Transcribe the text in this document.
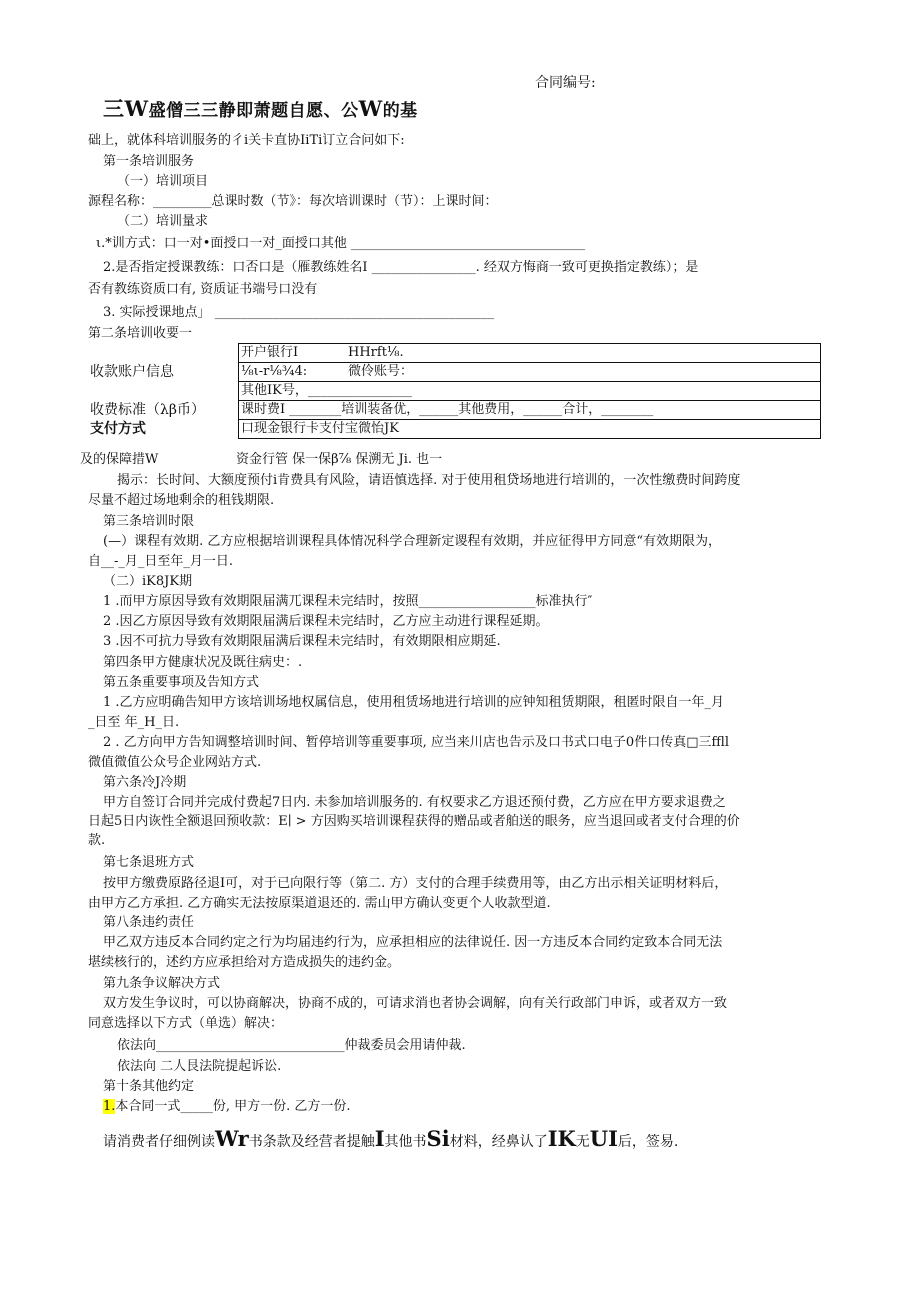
合同编号:
三W盛僧三三静即萧题自愿、公W的基
础上，就体科培训服务的彳i关卡直协IiTi订立合问如下:
第一条培训服务
（一）培训项目
源程名称：_________总课时数（节》：每次培训课时（节）：上课时间：
（二）培训量求
ι.*训方式：口一对•面授口一对_面授口其他 ____________________________________
2.是否指定授课教练：口否口是（雁教练姓名I ________________. 经双方悔商一致可更换指定教练）；是
否有教练资质口有, 资质证书端号口没有
3. 实际授课地点」 ___________________________________________
第二条培训收要一
收款账户信息	开户银行I HHrft⅛.

	⅛ι-r⅛¾4: 微伶账号：

	其他IK号，________________
收费标准（λβ币）	课时费I ________培训装备优，______其他费用，______合计，________
支付方式	口现金银行卡支付宝微怡JK
及的保障措W	资金行管 保一保β⅞ 保溯无 Ji. 也一
揭示：长时间、大额度预付i肯费具有风险，请语慎选择. 对于使用租贷场地进行培训的，一次性缴费时间跨度
尽量不超过场地剩余的租钱期限.
第三条培训时限
(—）课程有效期. 乙方应根据培训课程具体情况科学合理新定谡程有效期，并应征得甲方同意“有效期限为，
自__-_月_日至年_月一日.
（二）iK8JK期
1 .而甲方原因导致有效期限届满兀课程未完结时，按照__________________标准执行″
2 .因乙方原因导致有效期限届满后课程未完结时，乙方应主动进行课程延期。
3 .因不可抗力导致有效期限届满后课程未完结时，有效期限相应期延.
第四条甲方健康状况及既往病史：.
第五条重要事项及告知方式
1 .乙方应明确告知甲方该培训场地权属信息，使用租赁场地进行培训的应钟知租赁期限，租匿时限自一年_月
_日至 年_H_日.
2 . 乙方向甲方告知调整培训时间、暂停培训等重要事项, 应当来川店也告示及口书式口电子0件口传真□三ffll
微值微值公众号企业网站方式.
第六条冷J冷期
甲方自签订合同并完成付费起7日内. 未参加培训服务的. 有权要求乙方退还预付费，乙方应在甲方要求退费之
日起5日内诙性全额退回预收款：E∣ > 方因购买培训课程获得的赠品或者舶送的眼务，应当退回或者支付合理的价
款.
第七条退班方式
按甲方缴费原路径退I可，对于已向限行等（第二. 方）支付的合理手续费用等，由乙方出示相关证明材料后，
由甲方乙方承担. 乙方确实无法按原渠道退还的. 需山甲方确认变更个人收款型道.
第八条违约责任
甲乙双方违反本合同约定之行为均届违约行为，应承担相应的法律说任. 因一方违反本合同约定致本合同无法
堪续核行的，述约方应承担给对方造成损失的违约金。
第九条争议解决方式
双方发生争议时，可以协商解决，协商不成的，可请求消也者协会调解，向有关行政部门申诉，或者双方一致
同意选择以下方式（单选）解决：
依法向_____________________________仲裁委员会用请仲裁.
依法向 二人艮法院提起诉讼.
第十条其他约定
1.本合同一式_____份, 甲方一份. 乙方一份.
请消费者仔细例读Wr书条款及经营者提触I其他书Si材料，经鼻认了IK无UI后，签易.
